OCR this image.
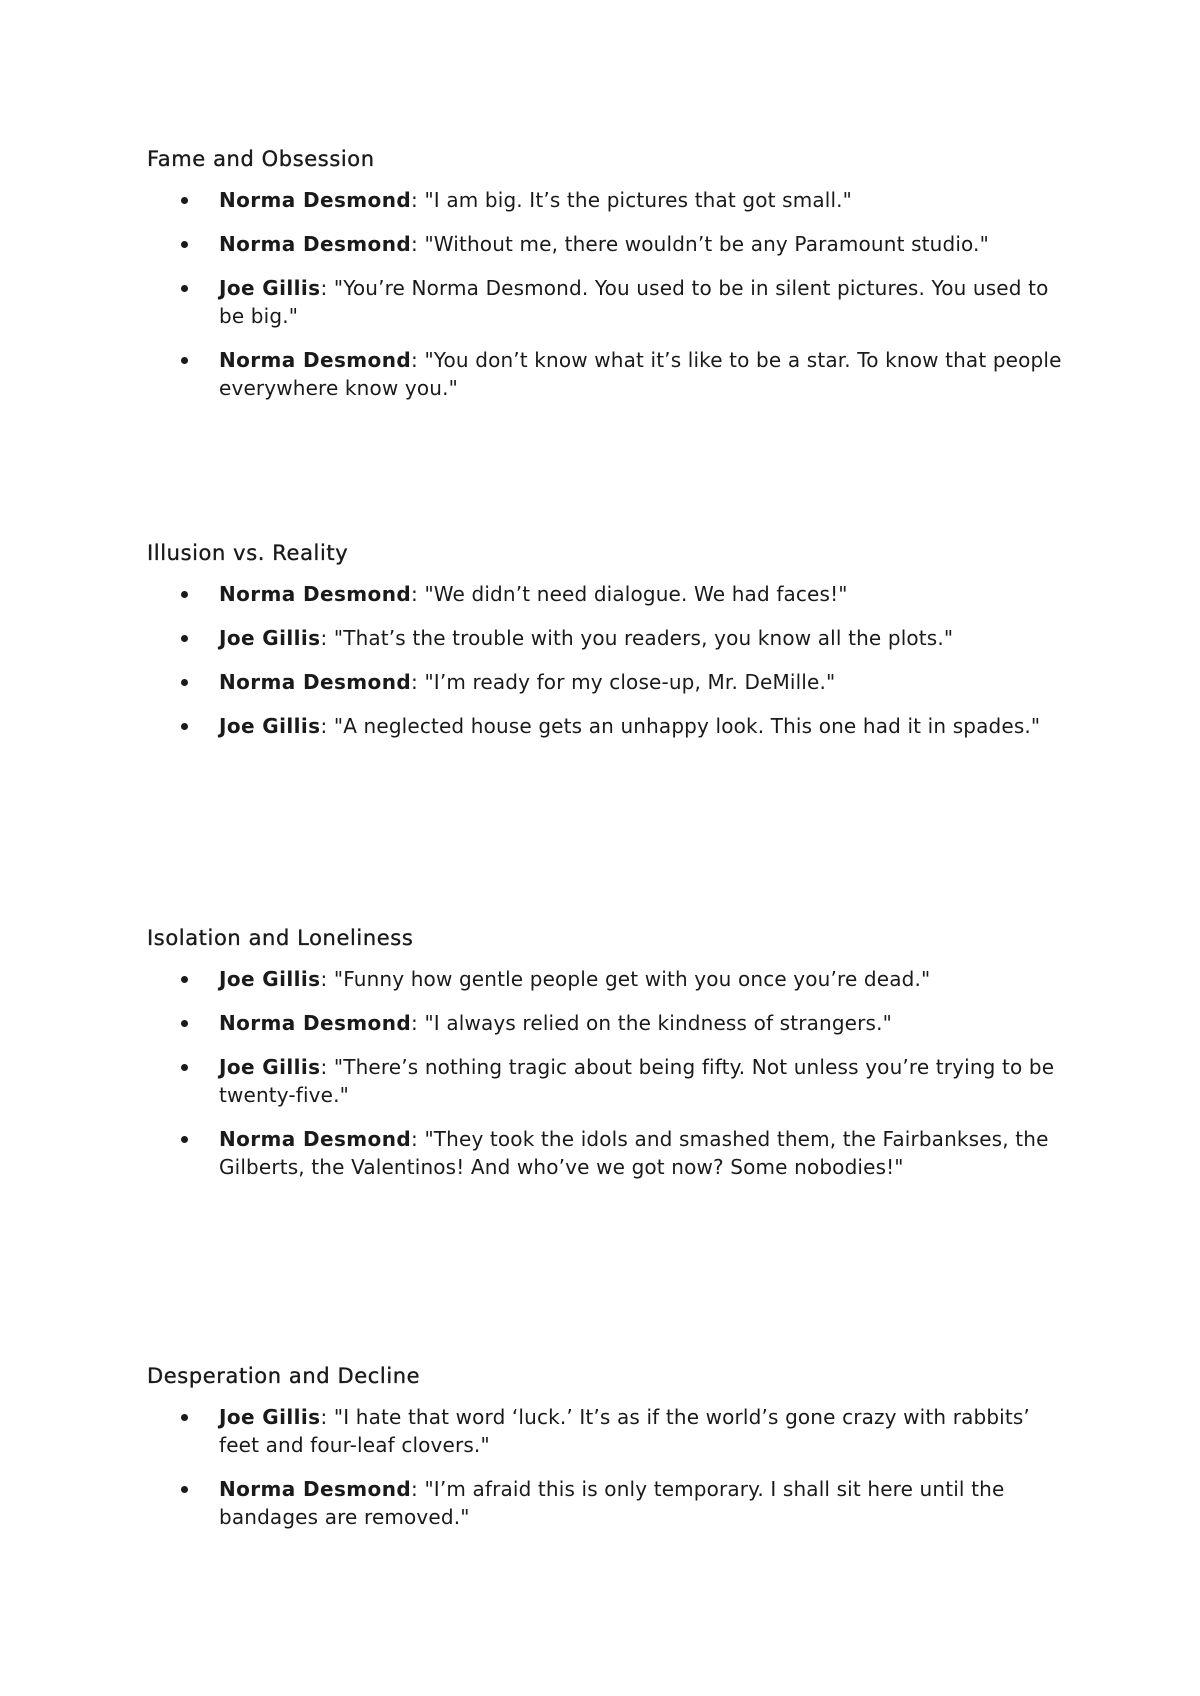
Fame and Obsession
Norma Desmond: "I am big. It’s the pictures that got small."
Norma Desmond: "Without me, there wouldn’t be any Paramount studio."
Joe Gillis: "You’re Norma Desmond. You used to be in silent pictures. You used to be big."
Norma Desmond: "You don’t know what it’s like to be a star. To know that people everywhere know you."
Illusion vs. Reality
Norma Desmond: "We didn’t need dialogue. We had faces!"
Joe Gillis: "That’s the trouble with you readers, you know all the plots."
Norma Desmond: "I’m ready for my close-up, Mr. DeMille."
Joe Gillis: "A neglected house gets an unhappy look. This one had it in spades."
Isolation and Loneliness
Joe Gillis: "Funny how gentle people get with you once you’re dead."
Norma Desmond: "I always relied on the kindness of strangers."
Joe Gillis: "There’s nothing tragic about being fifty. Not unless you’re trying to be twenty-five."
Norma Desmond: "They took the idols and smashed them, the Fairbankses, the Gilberts, the Valentinos! And who’ve we got now? Some nobodies!"
Desperation and Decline
Joe Gillis: "I hate that word ‘luck.’ It’s as if the world’s gone crazy with rabbits’ feet and four-leaf clovers."
Norma Desmond: "I’m afraid this is only temporary. I shall sit here until the bandages are removed."
